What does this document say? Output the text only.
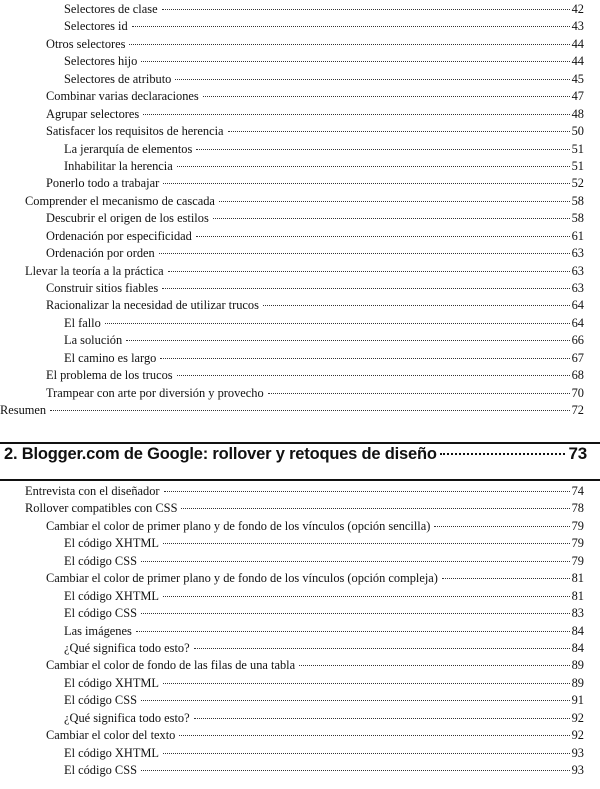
Selectores de clase	42
Selectores id	43
Otros selectores	44
Selectores hijo	44
Selectores de atributo	45
Combinar varias declaraciones	47
Agrupar selectores	48
Satisfacer los requisitos de herencia	50
La jerarquía de elementos	51
Inhabilitar la herencia	51
Ponerlo todo a trabajar	52
Comprender el mecanismo de cascada	58
Descubrir el origen de los estilos	58
Ordenación por especificidad	61
Ordenación por orden	63
Llevar la teoría a la práctica	63
Construir sitios fiables	63
Racionalizar la necesidad de utilizar trucos	64
El fallo	64
La solución	66
El camino es largo	67
El problema de los trucos	68
Trampear con arte por diversión y provecho	70
Resumen	72
2. Blogger.com de Google: rollover y retoques de diseño	73
Entrevista con el diseñador	74
Rollover compatibles con CSS	78
Cambiar el color de primer plano y de fondo de los vínculos (opción sencilla)	79
El código XHTML	79
El código CSS	79
Cambiar el color de primer plano y de fondo de los vínculos (opción compleja)	81
El código XHTML	81
El código CSS	83
Las imágenes	84
¿Qué significa todo esto?	84
Cambiar el color de fondo de las filas de una tabla	89
El código XHTML	89
El código CSS	91
¿Qué significa todo esto?	92
Cambiar el color del texto	92
El código XHTML	93
El código CSS	93
